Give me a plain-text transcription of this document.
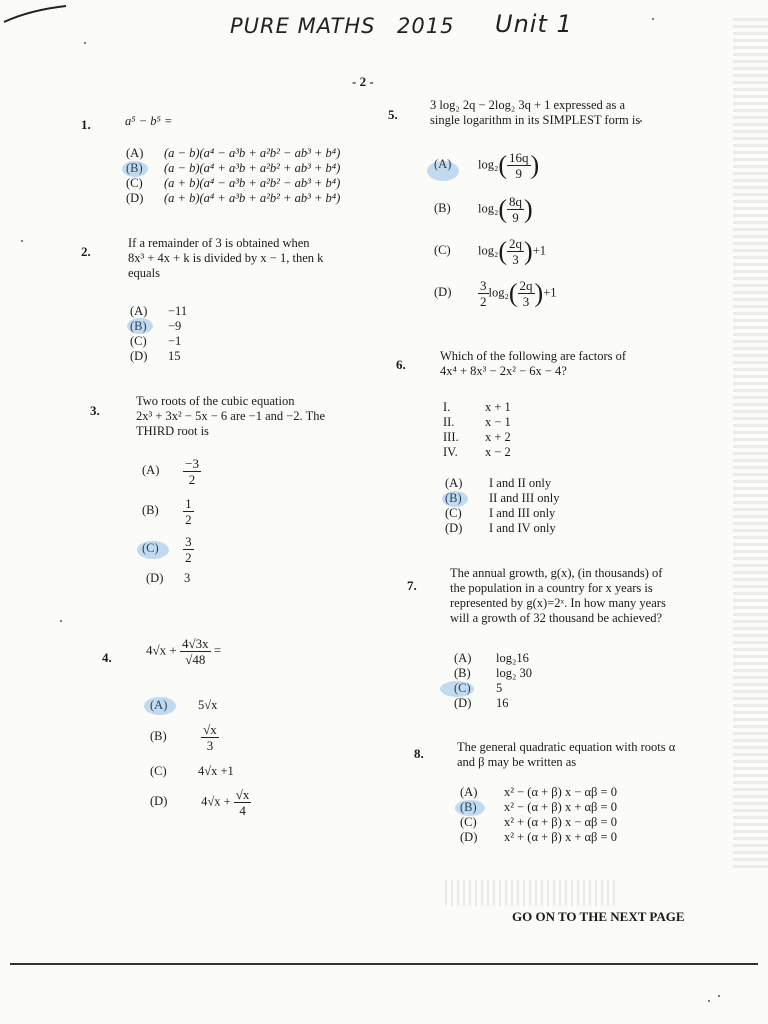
PURE MATHS 2015 Unit 1
- 2 -
1.	a⁵ − b⁵ =
(A) (a − b)(a⁴ − a³b + a²b² − ab³ + b⁴)
(B) (a − b)(a⁴ + a³b + a²b² + ab³ + b⁴)
(C) (a + b)(a⁴ − a³b + a²b² − ab³ + b⁴)
(D) (a + b)(a⁴ + a³b + a²b² + ab³ + b⁴)
2.
If a remainder of 3 is obtained when
8x³ + 4x + k is divided by x − 1, then k
equals
(A) −11
(B) −9
(C) −1
(D) 15
3.
Two roots of the cubic equation
2x³ + 3x² − 5x − 6 are −1 and −2. The
THIRD root is
$(A) \frac{-3}{2}$
$(B) \frac{1}{2}$
$(C) \frac{3}{2}$
(D) 3
4.
$4√x + \frac{4√3x}{√48}$ =
(A) 5√x
(B)	$\frac{√x}{3}$
(C)	4√x +1
(D)	$4√x + \frac{√x}{4}$
5.
3 log₂ 2q − 2log₂ 3q + 1 expressed as a
single logarithm in its SIMPLEST form is
(A) $\log_2( \frac{16q}{9}$ )
(B) $\log_2( \frac{8q}{9}$ )
(C) $\log_2( \frac{2q}{3} )+1$
$(D) \frac{3}{2} \log_2( \frac{2q}{3} )+1$
6.
Which of the following are factors of
4x⁴ + 8x³ − 2x² − 6x − 4?
I.	x + 1
II. x − 1
III. x + 2
IV. x − 2
(A) I and II only
(B) II and III only
(C) I and III only
(D) I and IV only
7.
The annual growth, g(x), (in thousands) of
the population in a country for x years is
represented by g(x)=2ˣ. In how many years
will a growth of 32 thousand be achieved?
(A) log₂16
(B) log₂ 30
(C) 5
(D) 16
8.	The general quadratic equation with roots α
and β may be written as
(A) x² − (α + β) x − αβ = 0
(B) x² − (α + β) x + αβ = 0
(C) x² + (α + β) x − αβ = 0
(D) x² + (α + β) x + αβ = 0
GO ON TO THE NEXT PAGE
